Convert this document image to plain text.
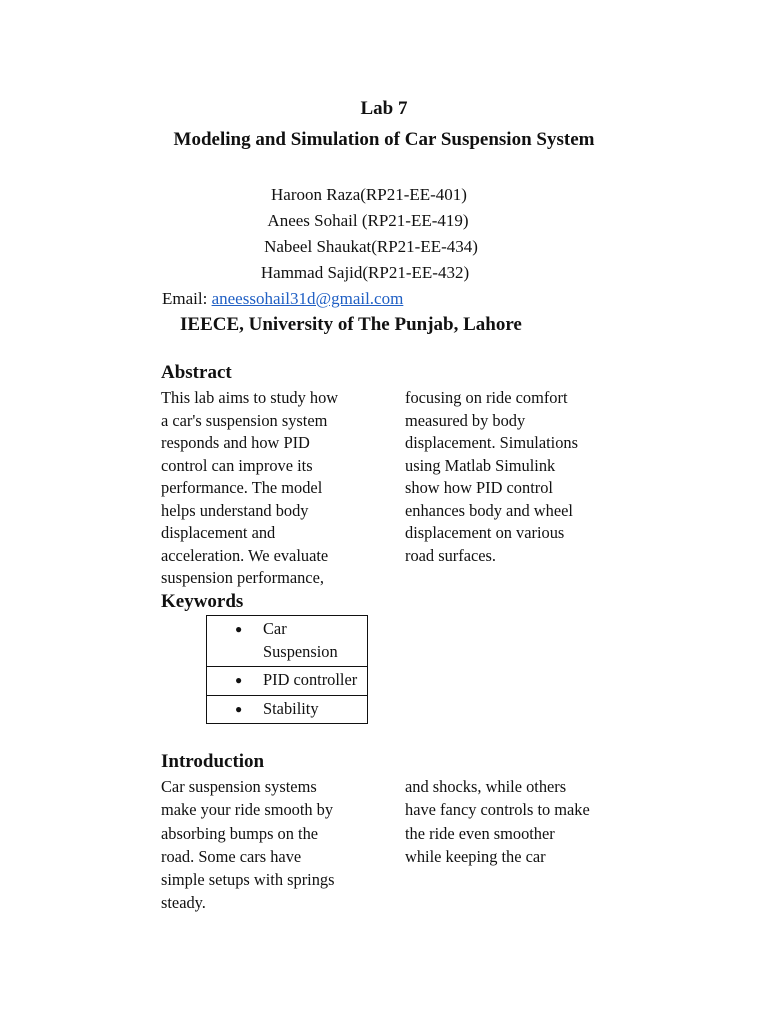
Lab 7
Modeling and Simulation of Car Suspension System
Haroon Raza(RP21-EE-401)
Anees Sohail (RP21-EE-419)
Nabeel Shaukat(RP21-EE-434)
Hammad Sajid(RP21-EE-432)
Email: aneessohail31d@gmail.com
IEECE, University of The Punjab, Lahore
Abstract
This lab aims to study how
a car's suspension system
responds and how PID
control can improve its
performance. The model
helps understand body
displacement and
acceleration. We evaluate
suspension performance,
focusing on ride comfort
measured by body
displacement. Simulations
using Matlab Simulink
show how PID control
enhances body and wheel
displacement on various
road surfaces.
Keywords
●	Car
Suspension

●	PID controller

●	Stability
Introduction
Car suspension systems
make your ride smooth by
absorbing bumps on the
road. Some cars have
simple setups with springs
steady.
and shocks, while others
have fancy controls to make
the ride even smoother
while keeping the car
